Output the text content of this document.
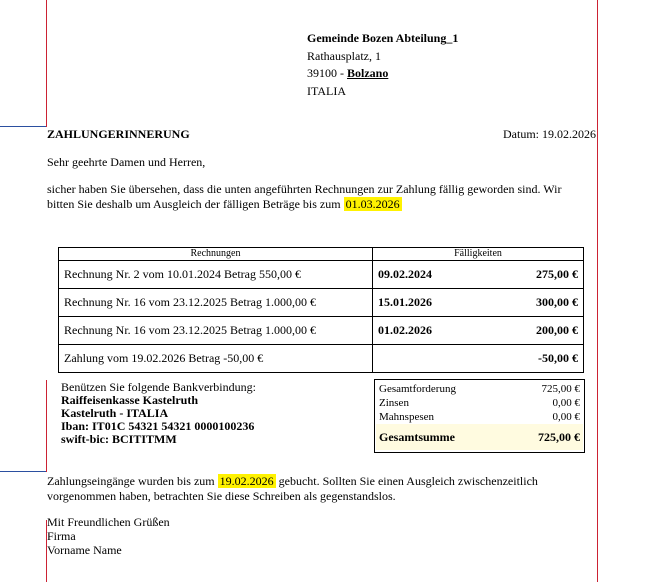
Gemeinde Bozen Abteilung_1
Rathausplatz, 1
39100 - Bolzano
ITALIA
ZAHLUNGERINNERUNG	Datum: 19.02.2026
Sehr geehrte Damen und Herren,
sicher haben Sie übersehen, dass die unten angeführten Rechnungen zur Zahlung fällig geworden sind. Wir
bitten Sie deshalb um Ausgleich der fälligen Beträge bis zum 01.03.2026
Rechnungen	Fälligkeiten
Rechnung Nr. 2 vom 10.01.2024 Betrag 550,00 €	09.02.2024 275,00 €

Rechnung Nr. 16 vom 23.12.2025 Betrag 1.000,00 €	15.01.2026 300,00 €

Rechnung Nr. 16 vom 23.12.2025 Betrag 1.000,00 €	01.02.2026 200,00 €

Zahlung vom 19.02.2026 Betrag -50,00 €	-50,00 €
Benützen Sie folgende Bankverbindung:
Raiffeisenkasse Kastelruth
Kastelruth - ITALIA
Iban: IT01C 54321 54321 0000100236
swift-bic: BCITITMM
Gesamtforderung	725,00 €
Zinsen	0,00 €
Mahnspesen	0,00 €
Gesamtsumme	725,00 €
Zahlungseingänge wurden bis zum 19.02.2026 gebucht. Sollten Sie einen Ausgleich zwischenzeitlich
vorgenommen haben, betrachten Sie diese Schreiben als gegenstandslos.
Mit Freundlichen Grüßen
Firma
Vorname Name
